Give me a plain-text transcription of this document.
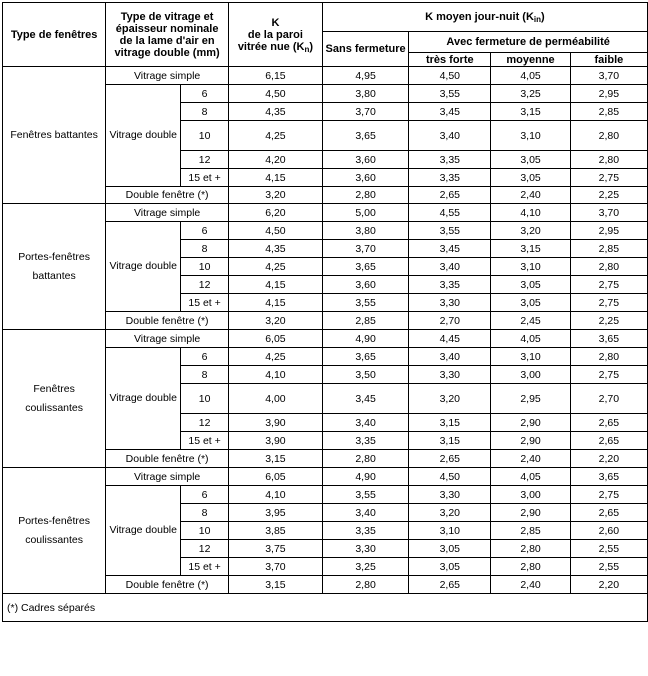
Type de fenêtres	Type de vitrage et épaisseur nominale de la lame d'air en vitrage double (mm)		K
de la paroi
vitrée nue $(K_n)$	K moyen jour-nuit $(K_{in})$			
				Sans fermeture	Avec fermeture de perméabilité		
					très forte	moyenne	faible
Fenêtres battantes	Vitrage simple		6,15	4,95	4,50	4,05	3,70
	Vitrage double	6	4,50	3,80	3,55	3,25	2,95
		8	4,35	3,70	3,45	3,15	2,85
		10	4,25	3,65	3,40	3,10	2,80
		12	4,20	3,60	3,35	3,05	2,80
		15 et +	4,15	3,60	3,35	3,05	2,75
	Double fenêtre (*)		3,20	2,80	2,65	2,40	2,25
Portes-fenêtres battantes	Vitrage simple		6,20	5,00	4,55	4,10	3,70
	Vitrage double	6	4,50	3,80	3,55	3,20	2,95
		8	4,35	3,70	3,45	3,15	2,85
		10	4,25	3,65	3,40	3,10	2,80
		12	4,15	3,60	3,35	3,05	2,75
		15 et +	4,15	3,55	3,30	3,05	2,75
	Double fenêtre (*)		3,20	2,85	2,70	2,45	2,25
Fenêtres coulissantes	Vitrage simple		6,05	4,90	4,45	4,05	3,65
	Vitrage double	6	4,25	3,65	3,40	3,10	2,80
		8	4,10	3,50	3,30	3,00	2,75
		10	4,00	3,45	3,20	2,95	2,70
		12	3,90	3,40	3,15	2,90	2,65
		15 et +	3,90	3,35	3,15	2,90	2,65
	Double fenêtre (*)		3,15	2,80	2,65	2,40	2,20
Portes-fenêtres coulissantes	Vitrage simple		6,05	4,90	4,50	4,05	3,65
	Vitrage double	6	4,10	3,55	3,30	3,00	2,75
		8	3,95	3,40	3,20	2,90	2,65
		10	3,85	3,35	3,10	2,85	2,60
		12	3,75	3,30	3,05	2,80	2,55
		15 et +	3,70	3,25	3,05	2,80	2,55
	Double fenêtre (*)		3,15	2,80	2,65	2,40	2,20
(*) Cadres séparés							
